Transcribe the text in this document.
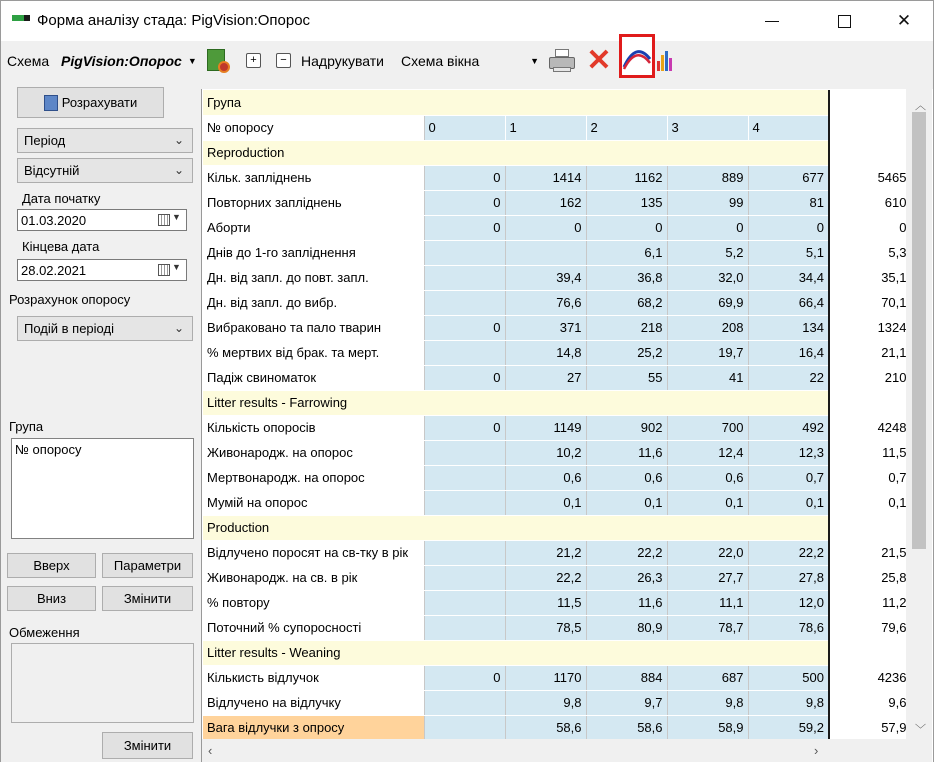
Форма аналізу стада: PigVision:Опорос	✕
Схема PigVision:Опорос ▼	+	−	Надрукувати Схема вікна	▼ ✕
Розрахувати
Період	⌄
Відсутній	⌄
Дата початку
01.03.2020	▼
Кінцева дата
28.02.2021	▼
Розрахунок опоросу
Подій в періоді	⌄
Група
№ опоросу
Вверх	Параметри
Вниз	Змінити
Обмеження
Змінити
Група						
№ опоросу	0	1	2	3	4	
Reproduction						
Кільк. запліднень	0	1414	1162	889	677	5465
Повторних запліднень	0	162	135	99	81	610
Аборти	0	0	0	0	0	0
Днів до 1-го запліднення			6,1	5,2	5,1	5,3
Дн. від запл. до повт. запл.		39,4	36,8	32,0	34,4	35,1
Дн. від запл. до вибр.		76,6	68,2	69,9	66,4	70,1
Вибраковано та пало тварин	0	371	218	208	134	1324
% мертвих від брак. та мерт.		14,8	25,2	19,7	16,4	21,1
Падіж свиноматок	0	27	55	41	22	210
Litter results - Farrowing						
Кількість опоросів	0	1149	902	700	492	4248
Живонародж. на опорос		10,2	11,6	12,4	12,3	11,5
Мертвонародж. на опорос		0,6	0,6	0,6	0,7	0,7
Мумій на опорос		0,1	0,1	0,1	0,1	0,1
Production						
Відлучено поросят на св-тку в рік		21,2	22,2	22,0	22,2	21,5
Живонародж. на св. в рік		22,2	26,3	27,7	27,8	25,8
% повтору		11,5	11,6	11,1	12,0	11,2
Поточний % супоросності		78,5	80,9	78,7	78,6	79,6
Litter results - Weaning						
Кількисть відлучок	0	1170	884	687	500	4236
Відлучено на відлучку		9,8	9,7	9,8	9,8	9,6
Вага відлучки з опросу		58,6	58,6	58,9	59,2	57,9
︿
﹀
‹	›
